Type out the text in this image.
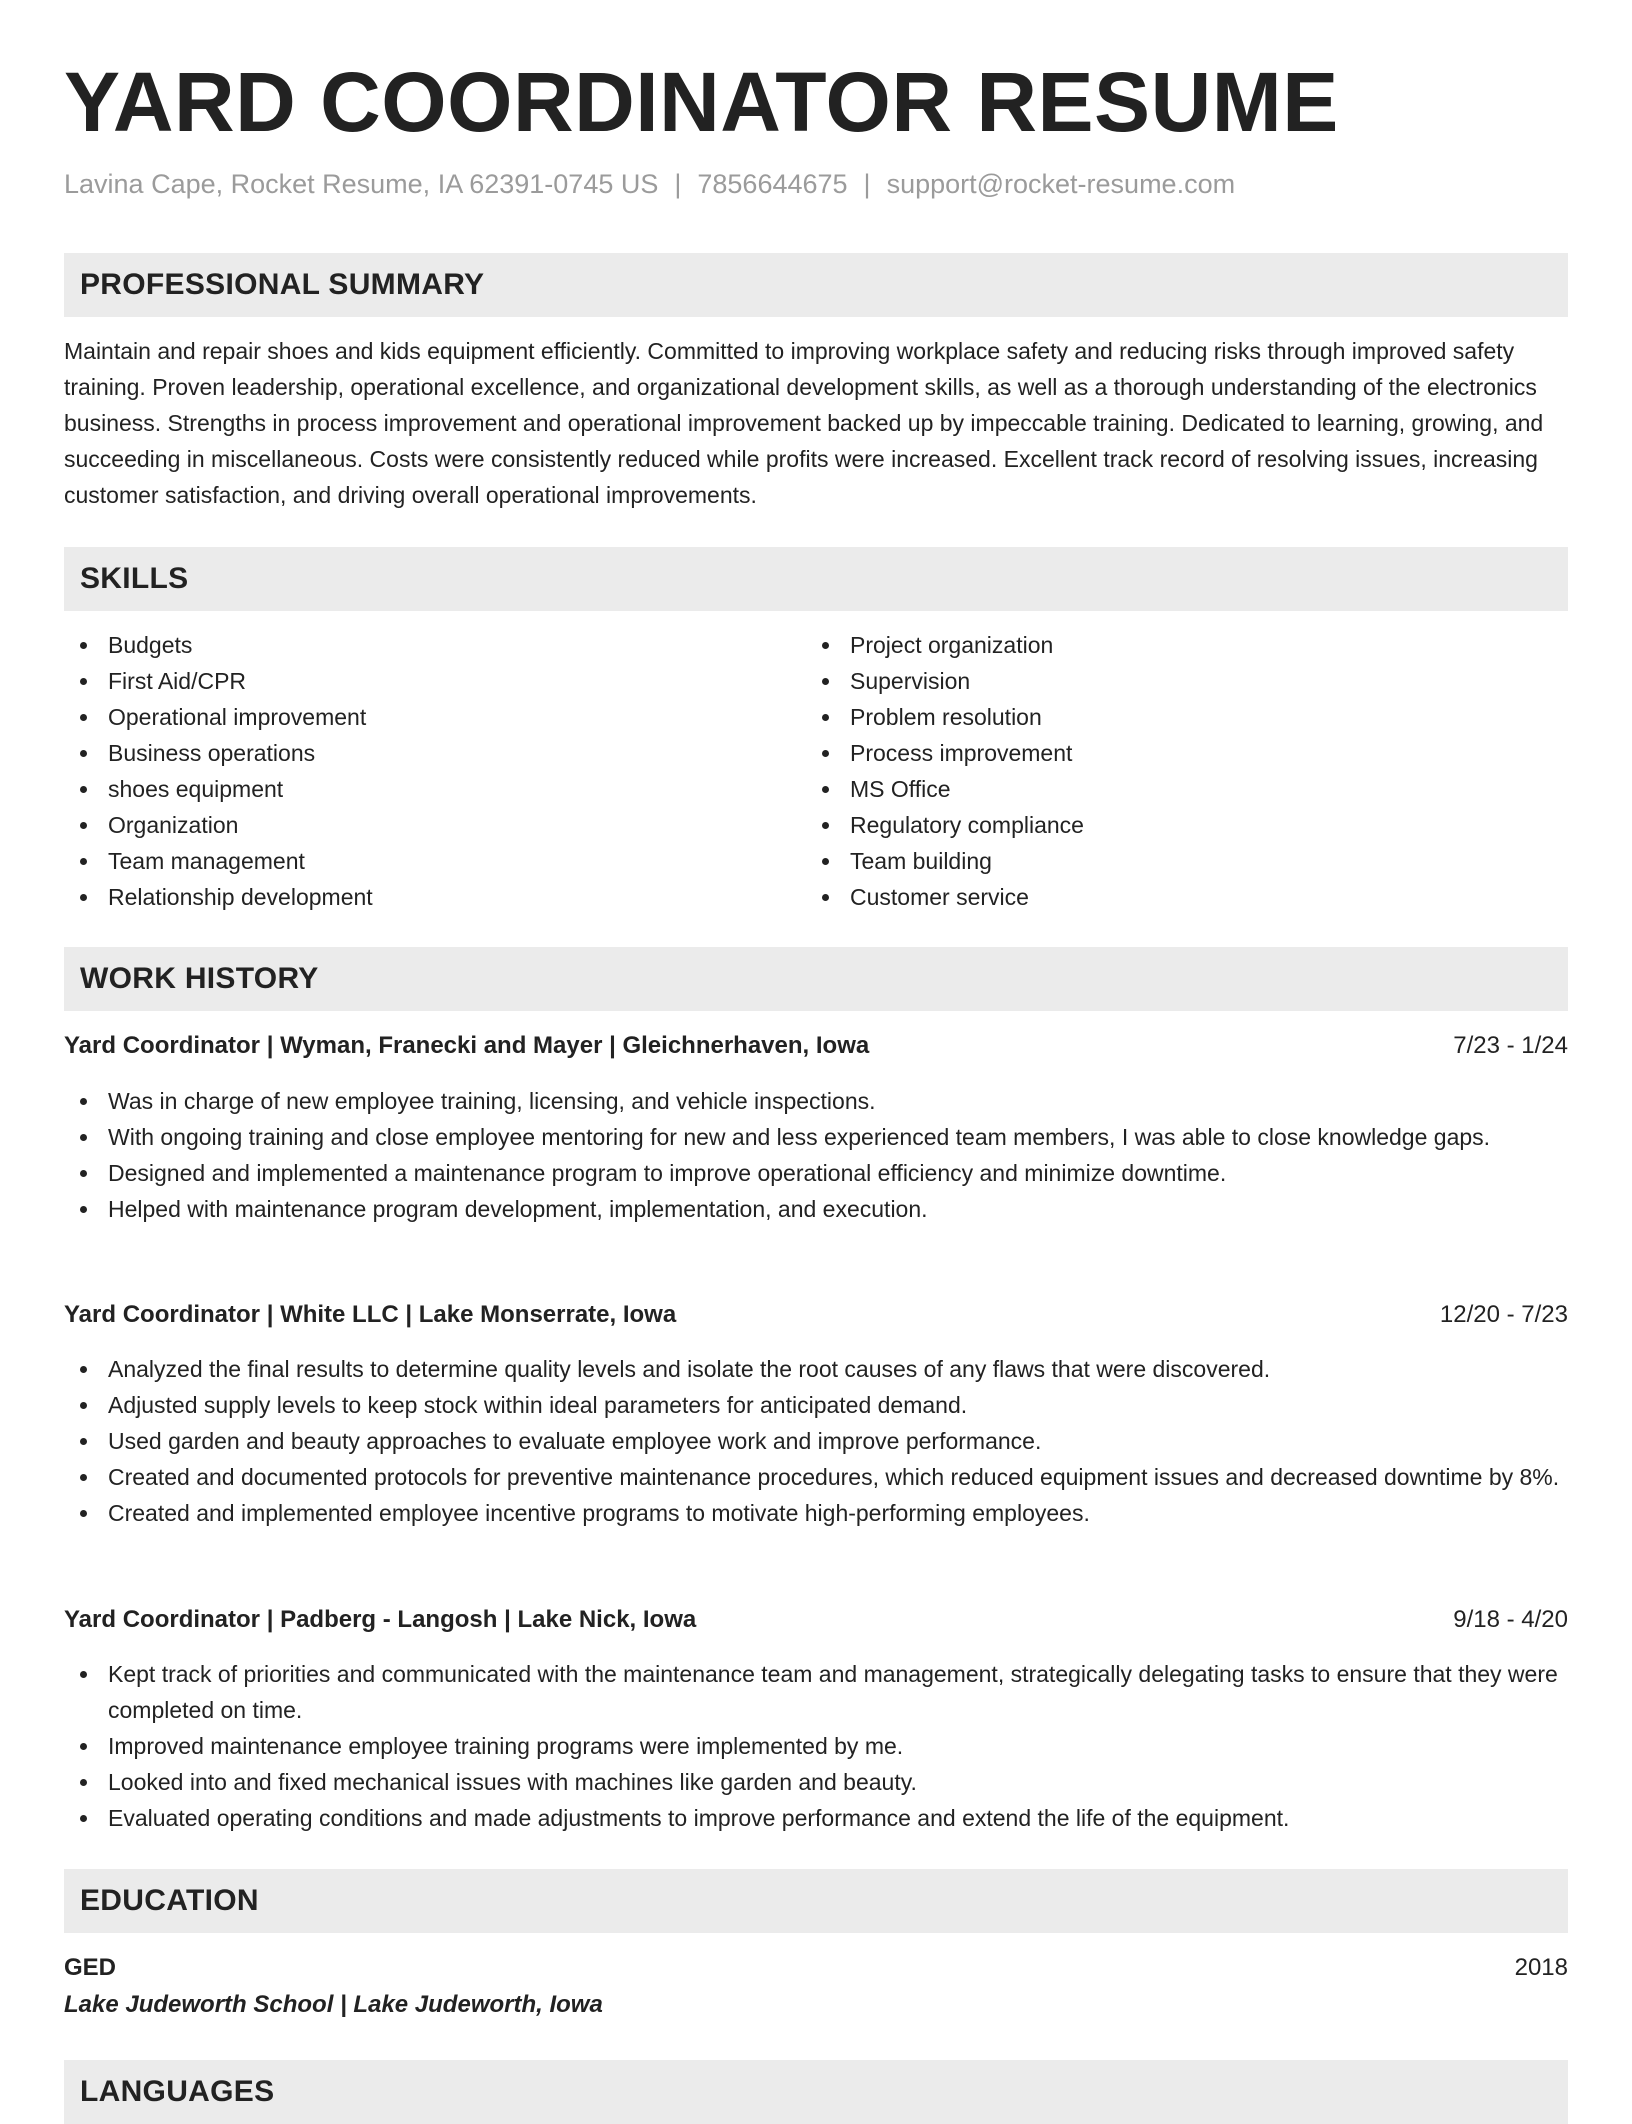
YARD COORDINATOR RESUME
Lavina Cape, Rocket Resume, IA 62391-0745 US | 7856644675 | support@rocket-resume.com
PROFESSIONAL SUMMARY

Maintain and repair shoes and kids equipment efficiently. Committed to improving workplace safety and reducing risks through improved safety training. Proven leadership, operational excellence, and organizational development skills, as well as a thorough understanding of the electronics business. Strengths in process improvement and operational improvement backed up by impeccable training. Dedicated to learning, growing, and succeeding in miscellaneous. Costs were consistently reduced while profits were increased. Excellent track record of resolving issues, increasing customer satisfaction, and driving overall operational improvements.

SKILLS
Budgets
First Aid/CPR
Operational improvement
Business operations
shoes equipment
Organization
Team management
Relationship development
Project organization
Supervision
Problem resolution
Process improvement
MS Office
Regulatory compliance
Team building
Customer service
WORK HISTORY
Yard Coordinator | Wyman, Franecki and Mayer | Gleichnerhaven, Iowa	7/23 - 1/24
Was in charge of new employee training, licensing, and vehicle inspections.
With ongoing training and close employee mentoring for new and less experienced team members, I was able to close knowledge gaps.
Designed and implemented a maintenance program to improve operational efficiency and minimize downtime.
Helped with maintenance program development, implementation, and execution.
Yard Coordinator | White LLC | Lake Monserrate, Iowa	12/20 - 7/23
Analyzed the final results to determine quality levels and isolate the root causes of any flaws that were discovered.
Adjusted supply levels to keep stock within ideal parameters for anticipated demand.
Used garden and beauty approaches to evaluate employee work and improve performance.
Created and documented protocols for preventive maintenance procedures, which reduced equipment issues and decreased downtime by 8%.
Created and implemented employee incentive programs to motivate high-performing employees.
Yard Coordinator | Padberg - Langosh | Lake Nick, Iowa	9/18 - 4/20
Kept track of priorities and communicated with the maintenance team and management, strategically delegating tasks to ensure that they were completed on time.
Improved maintenance employee training programs were implemented by me.
Looked into and fixed mechanical issues with machines like garden and beauty.
Evaluated operating conditions and made adjustments to improve performance and extend the life of the equipment.
EDUCATION
GED	2018
Lake Judeworth School | Lake Judeworth, Iowa
LANGUAGES
